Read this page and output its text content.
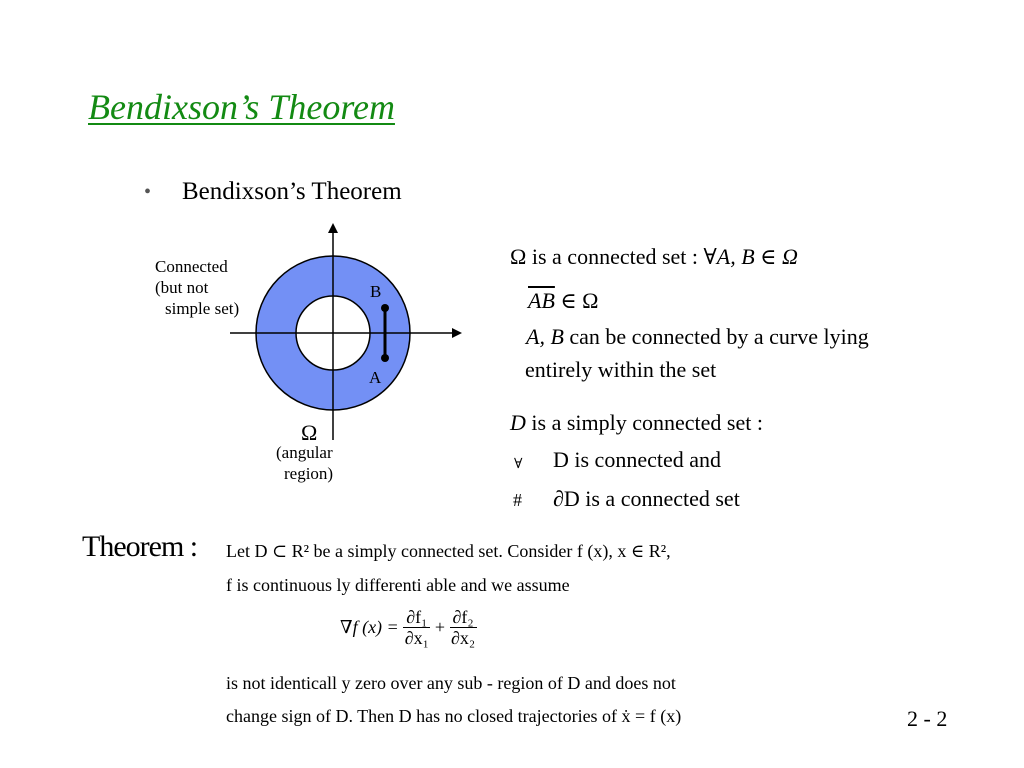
Bendixson’s Theorem
• Bendixson’s Theorem
Connected
(but not
simple set)
B
A
Ω
(angular
region)
Ω is a connected set : ∀A, B ∈ Ω
$\overline{AB}$ ∈ Ω
A, B can be connected by a curve lying
entirely within the set
D is a simply connected set :
∀ D is connected and
# ∂D is a connected set
Theorem : Let D ⊂ R² be a simply connected set. Consider f (x), x ∈ R²,
f is continuous ly differenti able and we assume
∇f $(x) = \frac{\text{∂f₁}}{\text{∂x₁}} + \frac{\text{∂f₂}}{\text{∂x₂}}$
is not identicall y zero over any sub - region of D and does not
change sign of D. Then D has no closed trajectories of ẋ = f (x)	2 - 2
